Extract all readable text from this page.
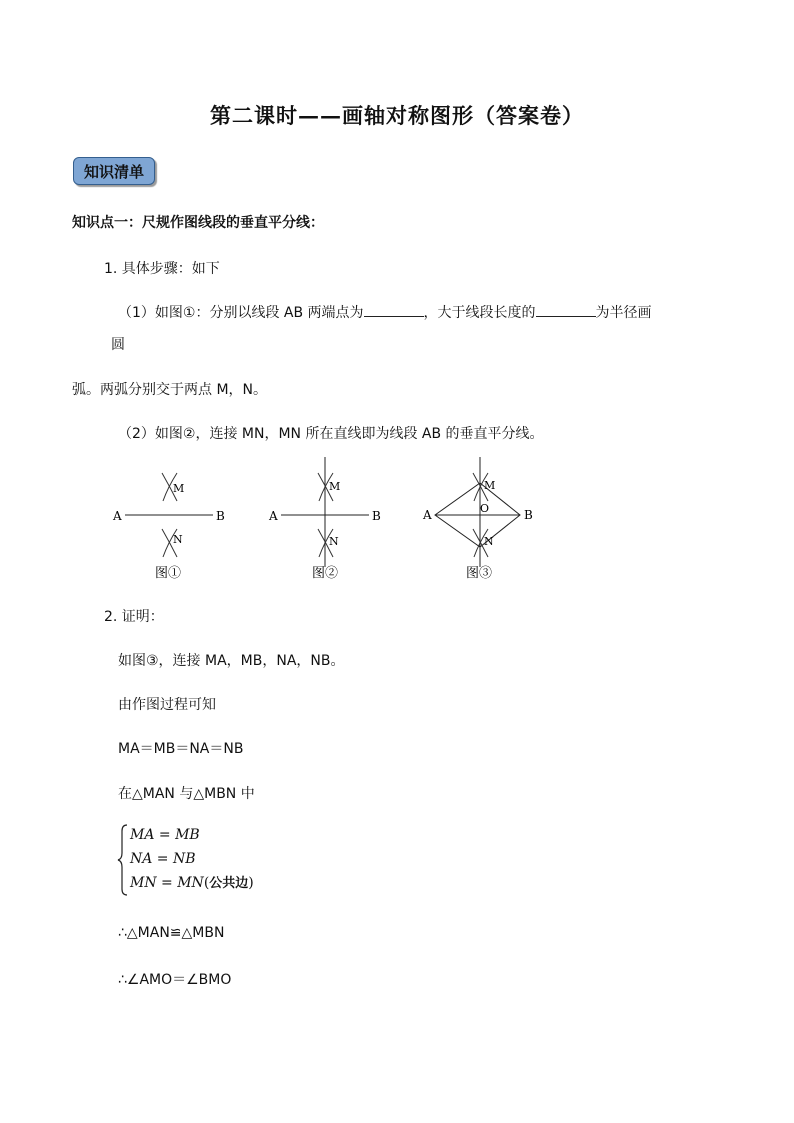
第二课时——画轴对称图形（答案卷）
知识清单
知识点一：尺规作图线段的垂直平分线：
1. 具体步骤：如下
（1）如图①：分别以线段 AB 两端点为	，大于线段长度的	为半径画
圆
弧。两弧分别交于两点 M，N。
（2）如图②，连接 MN，MN 所在直线即为线段 AB 的垂直平分线。
A	B
M
N
图①
A	B
M
N
图②
A	B
M
N
O
图③
2. 证明：
如图③，连接 MA，MB，NA，NB。
由作图过程可知
MA＝MB＝NA＝NB
在△MAN 与△MBN 中
MA = MB
NA = NB
MN = MN(公共边)
∴△MAN≌△MBN
∴∠AMO＝∠BMO
